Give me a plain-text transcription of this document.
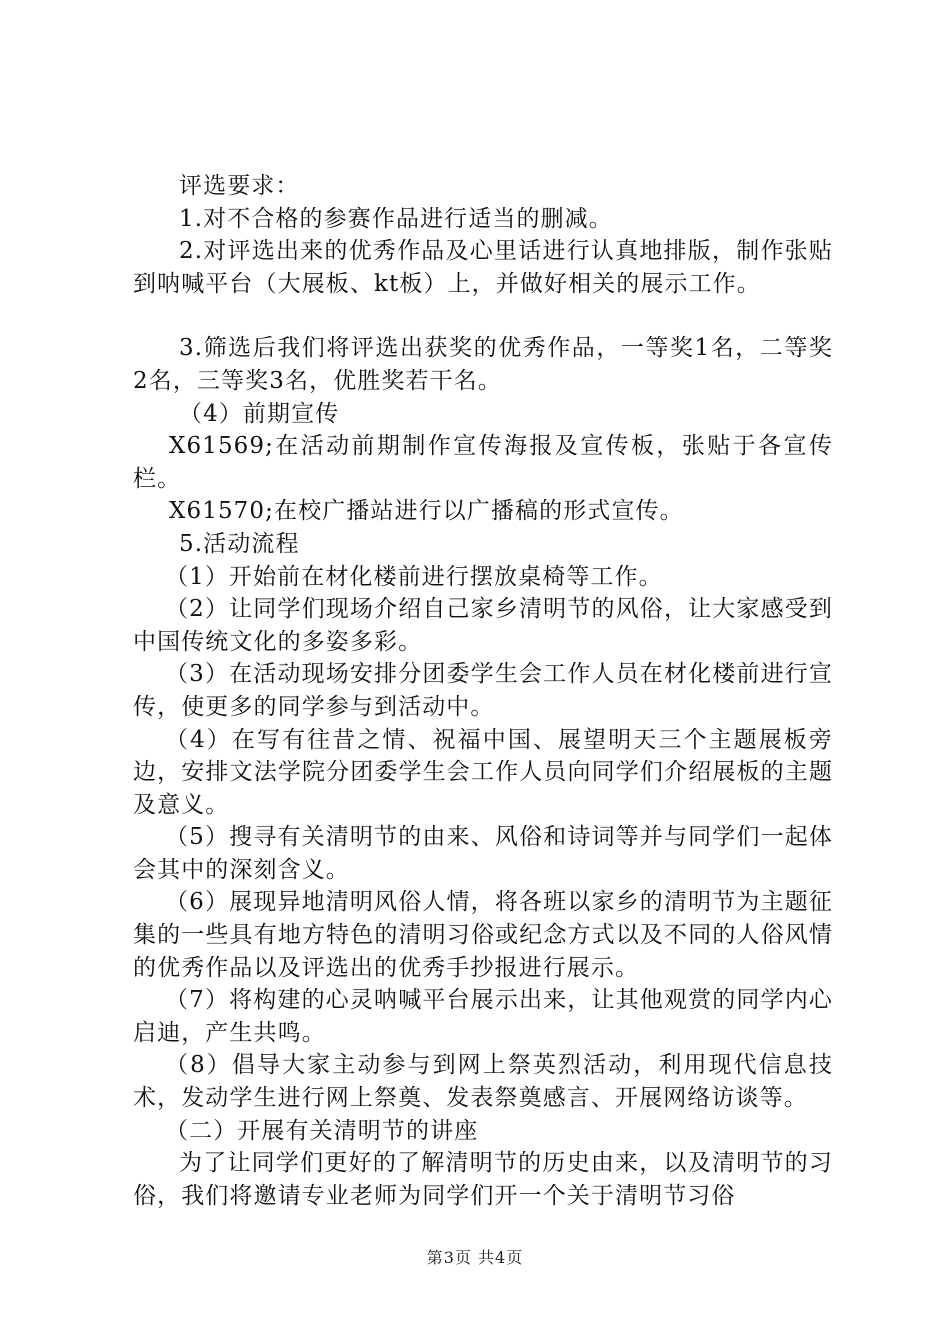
评选要求：

1.对不合格的参赛作品进行适当的删减。

2.对评选出来的优秀作品及心里话进行认真地排版，制作张贴到呐喊平台（大展板、kt板）上，并做好相关的展示工作。

3.筛选后我们将评选出获奖的优秀作品，一等奖1名，二等奖2名，三等奖3名，优胜奖若干名。

（4）前期宣传

X61569;在活动前期制作宣传海报及宣传板，张贴于各宣传栏。

X61570;在校广播站进行以广播稿的形式宣传。

5.活动流程

（1）开始前在材化楼前进行摆放桌椅等工作。

（2）让同学们现场介绍自己家乡清明节的风俗，让大家感受到中国传统文化的多姿多彩。

（3）在活动现场安排分团委学生会工作人员在材化楼前进行宣传，使更多的同学参与到活动中。

（4）在写有往昔之情、祝福中国、展望明天三个主题展板旁边，安排文法学院分团委学生会工作人员向同学们介绍展板的主题及意义。

（5）搜寻有关清明节的由来、风俗和诗词等并与同学们一起体会其中的深刻含义。

（6）展现异地清明风俗人情，将各班以家乡的清明节为主题征集的一些具有地方特色的清明习俗或纪念方式以及不同的人俗风情的优秀作品以及评选出的优秀手抄报进行展示。

（7）将构建的心灵呐喊平台展示出来，让其他观赏的同学内心启迪，产生共鸣。

（8）倡导大家主动参与到网上祭英烈活动，利用现代信息技术，发动学生进行网上祭奠、发表祭奠感言、开展网络访谈等。

（二）开展有关清明节的讲座

为了让同学们更好的了解清明节的历史由来，以及清明节的习俗，我们将邀请专业老师为同学们开一个关于清明节习俗

第3页 共4页
